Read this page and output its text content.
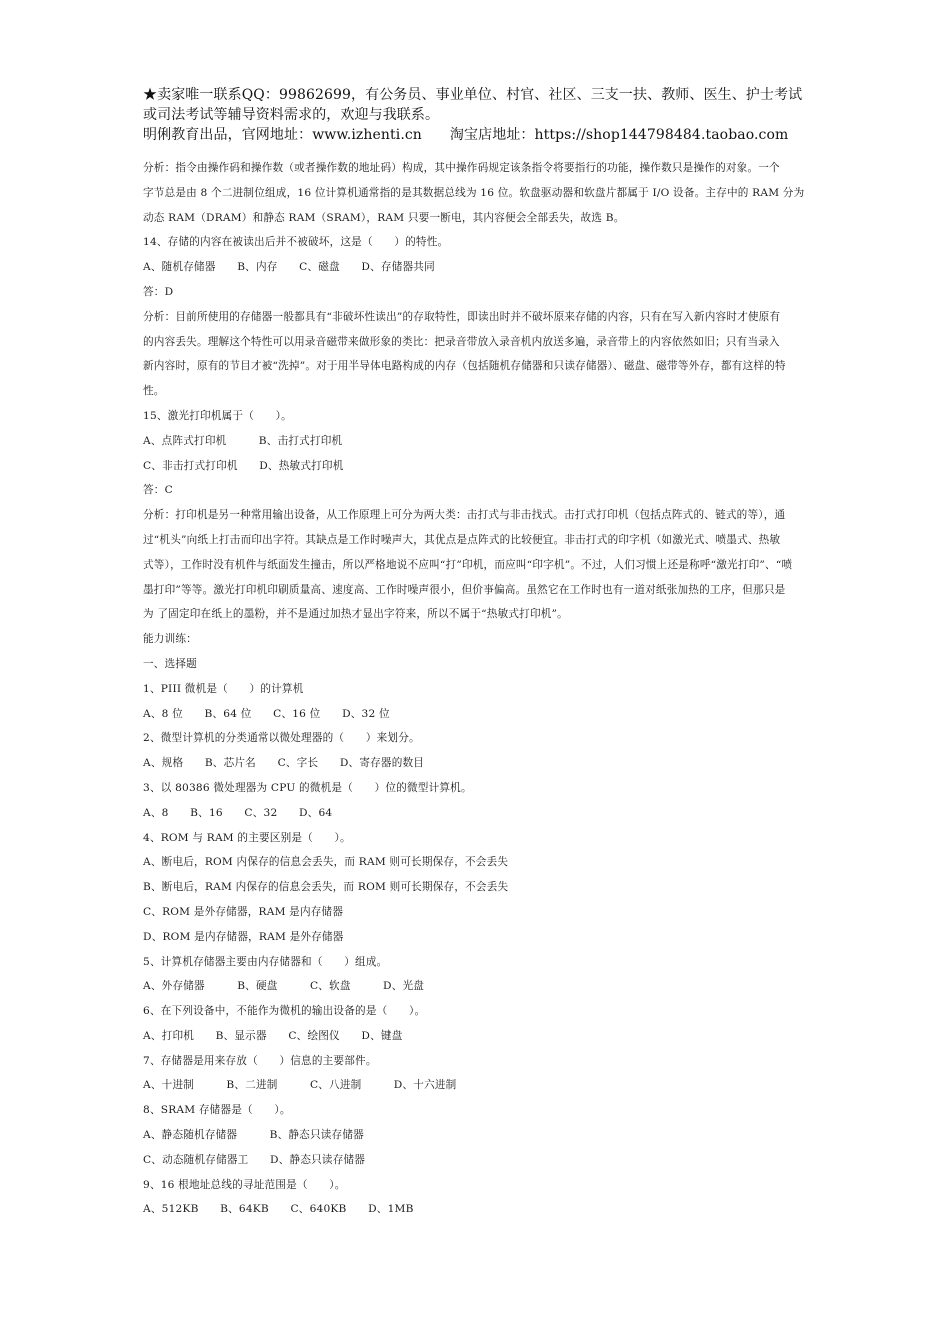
★卖家唯一联系QQ：99862699，有公务员、事业单位、村官、社区、三支一扶、教师、医生、护士考试
或司法考试等辅导资料需求的，欢迎与我联系。
明俐教育出品，官网地址：www.izhenti.cn 淘宝店地址：https://shop144798484.taobao.com
分析：指令由操作码和操作数（或者操作数的地址码）构成，其中操作码规定该条指令将要指行的功能，操作数只是操作的对象。一个
字节总是由 8 个二进制位组成，16 位计算机通常指的是其数据总线为 16 位。软盘驱动器和软盘片都属于 I/O 设备。主存中的 RAM 分为
动态 RAM（DRAM）和静态 RAM（SRAM），RAM 只要一断电，其内容便会全部丢失，故选 B。
14、存储的内容在被读出后并不被破坏，这是（　　）的特性。
A、随机存储器　　B、内存　　C、磁盘　　D、存储器共同
答：D
分析：目前所使用的存储器一般都具有“非破坏性读出”的存取特性，即读出时并不破坏原来存储的内容，只有在写入新内容时才使原有
的内容丢失。理解这个特性可以用录音磁带来做形象的类比：把录音带放入录音机内放送多遍，录音带上的内容依然如旧；只有当录入
新内容时，原有的节目才被“洗掉”。对于用半导体电路构成的内存（包括随机存储器和只读存储器）、磁盘、磁带等外存，都有这样的特
性。
15、激光打印机属于（　　）。
A、点阵式打印机　　　B、击打式打印机
C、非击打式打印机　　D、热敏式打印机
答：C
分析：打印机是另一种常用输出设备，从工作原理上可分为两大类：击打式与非击找式。击打式打印机（包括点阵式的、链式的等），通
过“机头”向纸上打击而印出字符。其缺点是工作时噪声大，其优点是点阵式的比较便宜。非击打式的印字机（如激光式、喷墨式、热敏
式等），工作时没有机件与纸面发生撞击，所以严格地说不应叫“打”印机，而应叫“印字机”。不过，人们习惯上还是称呼“激光打印”、“喷
墨打印”等等。激光打印机印刷质量高、速度高、工作时噪声很小，但价亊偏高。虽然它在工作时也有一道对纸张加热的工序，但那只是
为 了固定印在纸上的墨粉，并不是通过加热才显出字符来，所以不属于“热敏式打印机”。
能力训练：
一、选择题
1、PIII 微机是（　　）的计算机
A、8 位　　B、64 位　　C、16 位　　D、32 位
2、微型计算机的分类通常以微处理器的（　　）来划分。
A、规格　　B、芯片名　　C、字长　　D、寄存器的数目
3、以 80386 微处理器为 CPU 的微机是（　　）位的微型计算机。
A、8　　B、16　　C、32　　D、64
4、ROM 与 RAM 的主要区别是（　　）。
A、断电后，ROM 内保存的信息会丢失，而 RAM 则可长期保存，不会丢失
B、断电后，RAM 内保存的信息会丢失，而 ROM 则可长期保存，不会丢失
C、ROM 是外存储器，RAM 是内存储器
D、ROM 是内存储器，RAM 是外存储器
5、计算机存储器主要由内存储器和（　　）组成。
A、外存储器　　　B、硬盘　　　C、软盘　　　D、光盘
6、在下列设备中，不能作为微机的输出设备的是（　　）。
A、打印机　　B、显示器　　C、绘图仪　　D、键盘
7、存储器是用来存放（　　）信息的主要部件。
A、十进制　　　B、二进制　　　C、八进制　　　D、十六进制
8、SRAM 存储器是（　　）。
A、静态随机存储器　　　B、静态只读存储器
C、动态随机存储器工　　D、静态只读存储器
9、16 根地址总线的寻址范围是（　　）。
A、512KB　　B、64KB　　C、640KB　　D、1MB
